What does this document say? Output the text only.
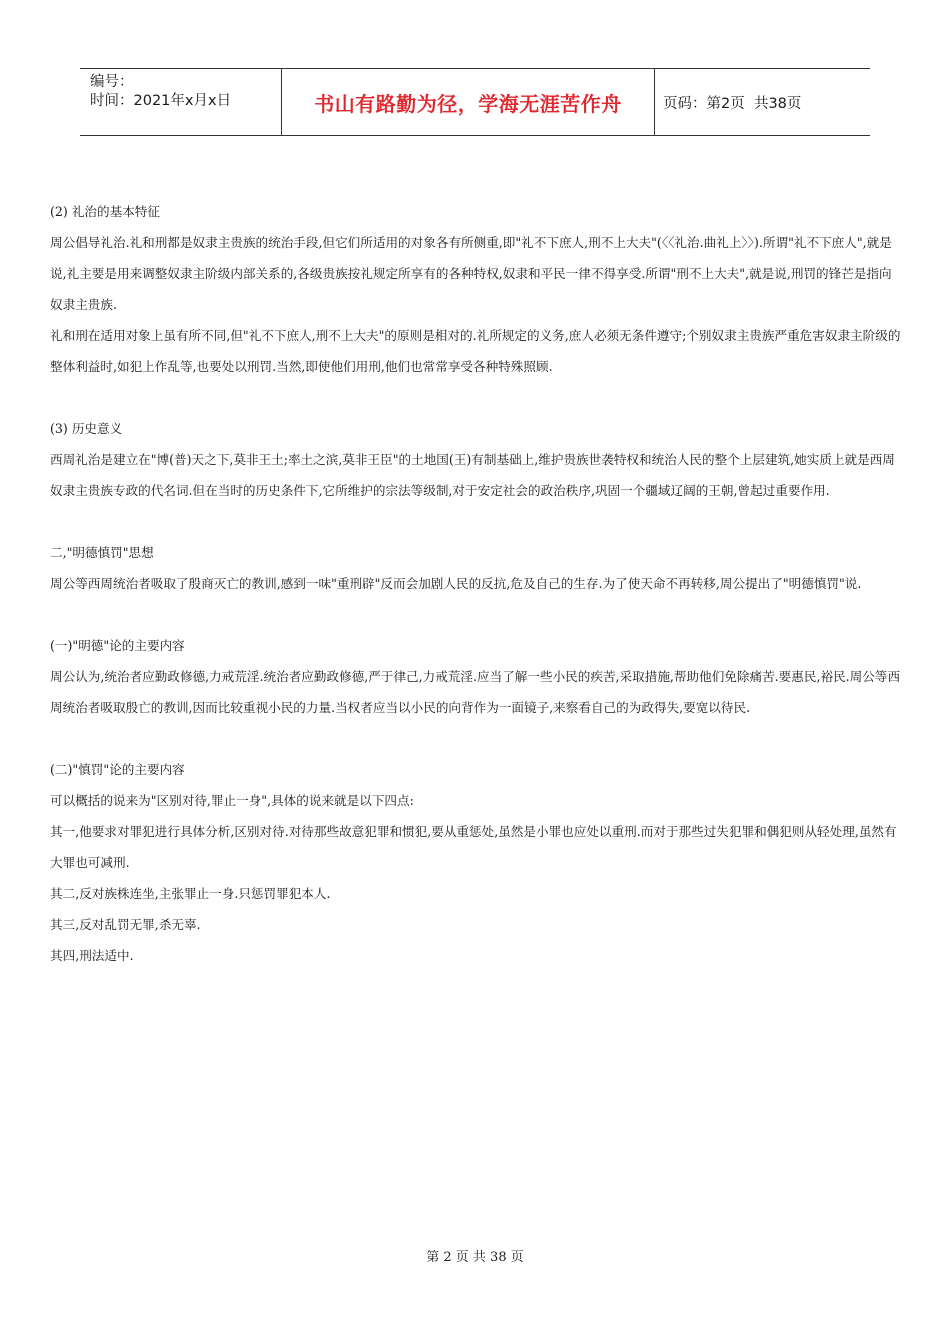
编号：
时间：2021年x月x日	书山有路勤为径，学海无涯苦作舟	页码：第2页  共38页

(2) 礼治的基本特征

周公倡导礼治.礼和刑都是奴隶主贵族的统治手段,但它们所适用的对象各有所侧重,即"礼不下庶人,刑不上大夫"(〈〈礼治.曲礼上〉〉).所谓"礼不下庶人",就是说,礼主要是用来调整奴隶主阶级内部关系的,各级贵族按礼规定所享有的各种特权,奴隶和平民一律不得享受.所谓"刑不上大夫",就是说,刑罚的锋芒是指向奴隶主贵族.

礼和刑在适用对象上虽有所不同,但"礼不下庶人,刑不上大夫"的原则是相对的.礼所规定的义务,庶人必须无条件遵守;个别奴隶主贵族严重危害奴隶主阶级的整体利益时,如犯上作乱等,也要处以刑罚.当然,即使他们用刑,他们也常常享受各种特殊照顾.

(3) 历史意义

西周礼治是建立在"博(普)天之下,莫非王土;率土之滨,莫非王臣"的土地国(王)有制基础上,维护贵族世袭特权和统治人民的整个上层建筑,她实质上就是西周奴隶主贵族专政的代名词.但在当时的历史条件下,它所维护的宗法等级制,对于安定社会的政治秩序,巩固一个疆域辽阔的王朝,曾起过重要作用.

二,"明德慎罚"思想

周公等西周统治者吸取了殷商灭亡的教训,感到一味"重刑辟"反而会加剧人民的反抗,危及自己的生存.为了使天命不再转移,周公提出了"明德慎罚"说.

(一)"明德"论的主要内容

周公认为,统治者应勤政修德,力戒荒淫.统治者应勤政修德,严于律己,力戒荒淫.应当了解一些小民的疾苦,采取措施,帮助他们免除痛苦.要惠民,裕民.周公等西周统治者吸取殷亡的教训,因而比较重视小民的力量.当权者应当以小民的向背作为一面镜子,来察看自己的为政得失,要宽以待民.

(二)"慎罚"论的主要内容

可以概括的说来为"区别对待,罪止一身",具体的说来就是以下四点:

其一,他要求对罪犯进行具体分析,区别对待.对待那些故意犯罪和惯犯,要从重惩处,虽然是小罪也应处以重刑.而对于那些过失犯罪和偶犯则从轻处理,虽然有大罪也可减刑.

其二,反对族株连坐,主张罪止一身.只惩罚罪犯本人.

其三,反对乱罚无罪,杀无辜.

其四,刑法适中.

第 2 页 共 38 页
